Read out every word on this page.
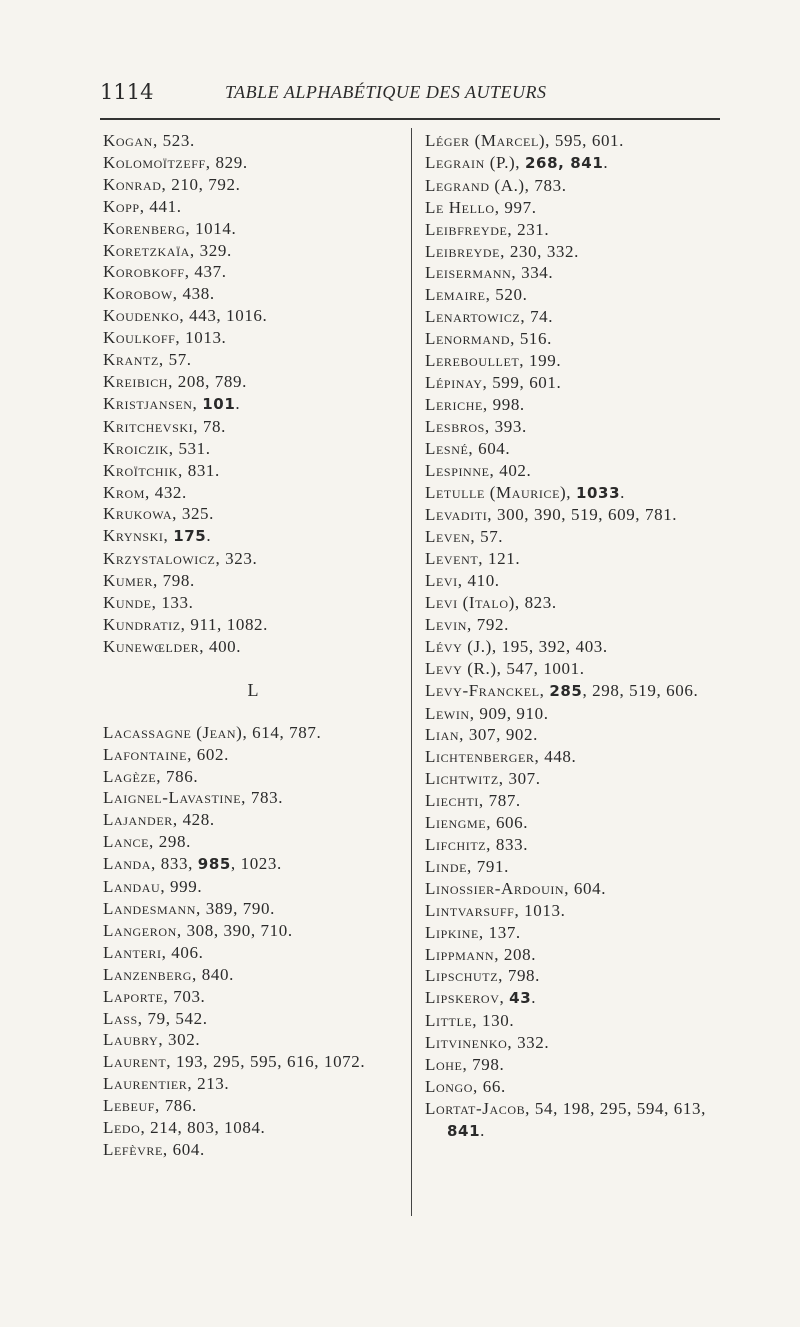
1114	TABLE ALPHABÉTIQUE DES AUTEURS
Kogan, 523.
Kolomoïtzeff, 829.
Konrad, 210, 792.
Kopp, 441.
Korenberg, 1014.
Koretzkaïa, 329.
Korobkoff, 437.
Korobow, 438.
Koudenko, 443, 1016.
Koulkoff, 1013.
Krantz, 57.
Kreibich, 208, 789.
Kristjansen, 101.
Kritchevski, 78.
Kroiczik, 531.
Kroïtchik, 831.
Krom, 432.
Krukowa, 325.
Krynski, 175.
Krzystalowicz, 323.
Kumer, 798.
Kunde, 133.
Kundratiz, 911, 1082.
Kunewœlder, 400.
L
Lacassagne (Jean), 614, 787.
Lafontaine, 602.
Lagèze, 786.
Laignel-Lavastine, 783.
Lajander, 428.
Lance, 298.
Landa, 833, 985, 1023.
Landau, 999.
Landesmann, 389, 790.
Langeron, 308, 390, 710.
Lanteri, 406.
Lanzenberg, 840.
Laporte, 703.
Lass, 79, 542.
Laubry, 302.
Laurent, 193, 295, 595, 616, 1072.
Laurentier, 213.
Lebeuf, 786.
Ledo, 214, 803, 1084.
Lefèvre, 604.
Léger (Marcel), 595, 601.
Legrain (P.), 268, 841.
Legrand (A.), 783.
Le Hello, 997.
Leibfreyde, 231.
Leibreyde, 230, 332.
Leisermann, 334.
Lemaire, 520.
Lenartowicz, 74.
Lenormand, 516.
Lereboullet, 199.
Lépinay, 599, 601.
Leriche, 998.
Lesbros, 393.
Lesné, 604.
Lespinne, 402.
Letulle (Maurice), 1033.
Levaditi, 300, 390, 519, 609, 781.
Leven, 57.
Levent, 121.
Levi, 410.
Levi (Italo), 823.
Levin, 792.
Lévy (J.), 195, 392, 403.
Levy (R.), 547, 1001.
Levy-Franckel, 285, 298, 519, 606.
Lewin, 909, 910.
Lian, 307, 902.
Lichtenberger, 448.
Lichtwitz, 307.
Liechti, 787.
Liengme, 606.
Lifchitz, 833.
Linde, 791.
Linossier-Ardouin, 604.
Lintvarsuff, 1013.
Lipkine, 137.
Lippmann, 208.
Lipschutz, 798.
Lipskerov, 43.
Little, 130.
Litvinenko, 332.
Lohe, 798.
Longo, 66.
Lortat-Jacob, 54, 198, 295, 594, 613, 841.
